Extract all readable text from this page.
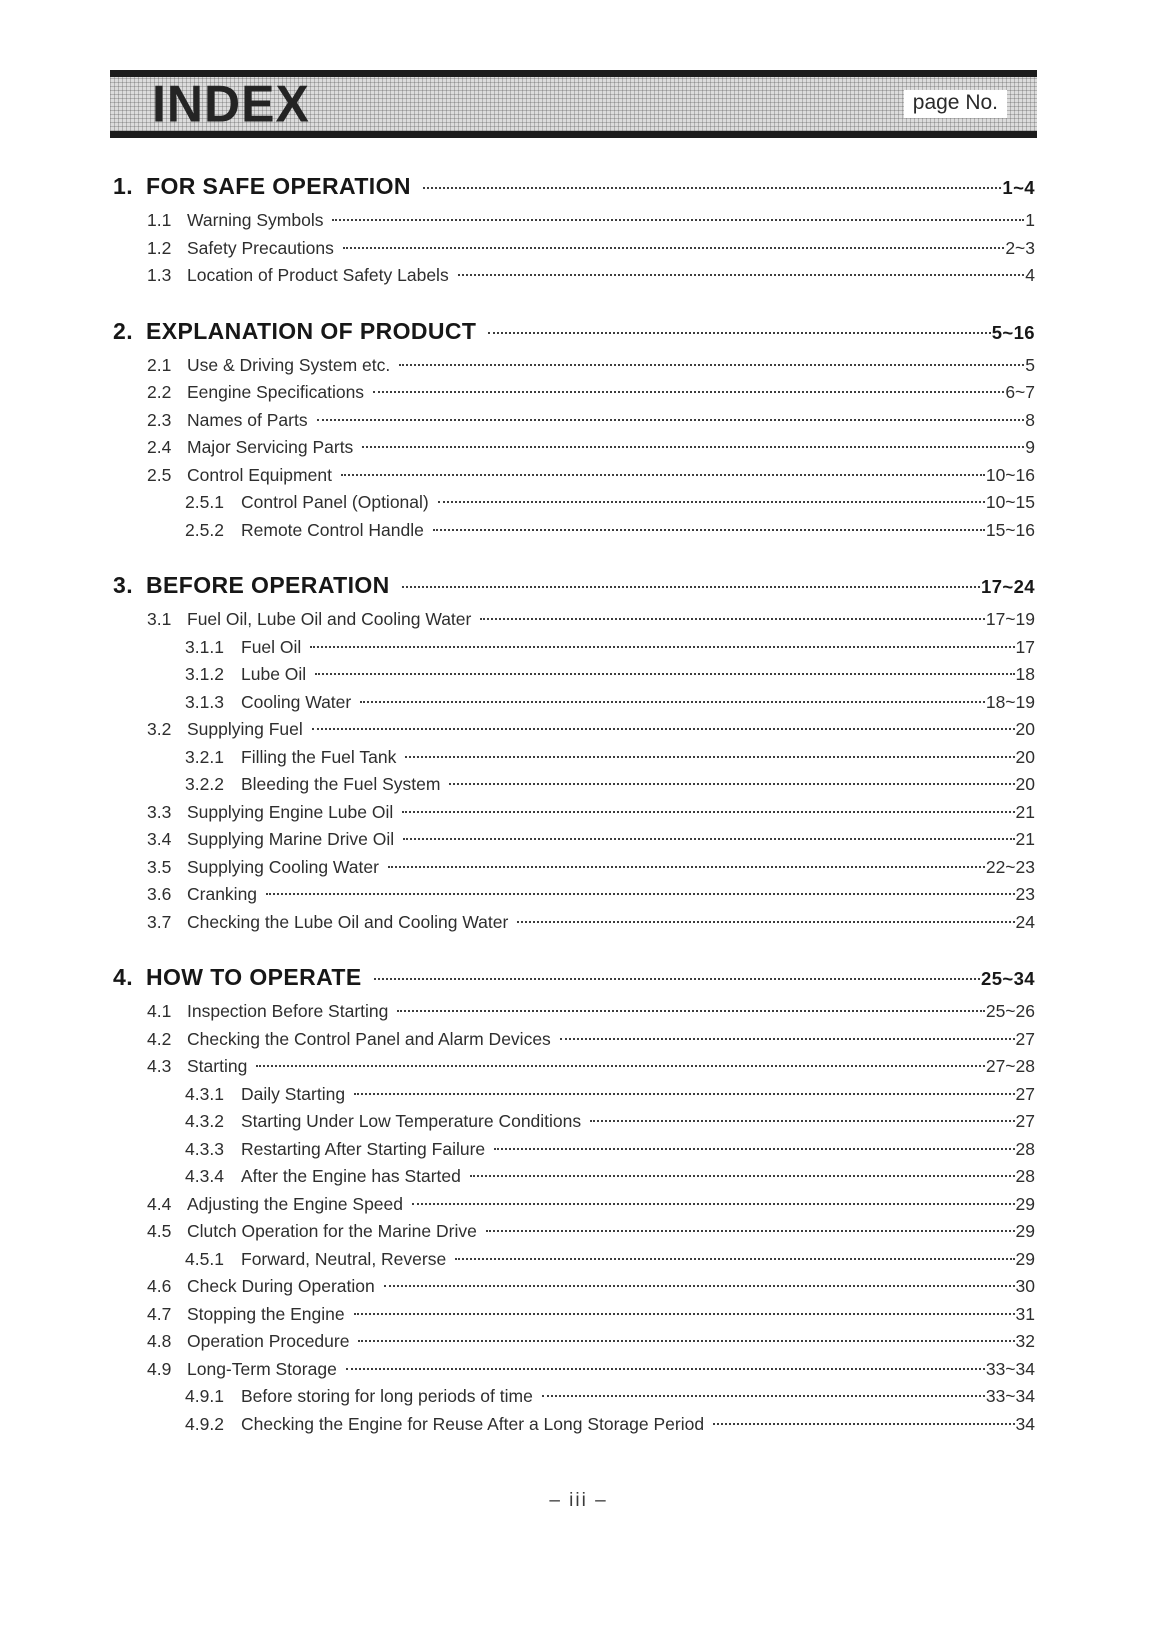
INDEX	page No.
1. FOR SAFE OPERATION	1~4
1.1 Warning Symbols	1
1.2 Safety Precautions	2~3
1.3 Location of Product Safety Labels	4
2. EXPLANATION OF PRODUCT	5~16
2.1 Use & Driving System etc.	5
2.2 Eengine Specifications	6~7
2.3 Names of Parts	8
2.4 Major Servicing Parts	9
2.5 Control Equipment	10~16
2.5.1 Control Panel (Optional)	10~15
2.5.2 Remote Control Handle	15~16
3. BEFORE OPERATION	17~24
3.1 Fuel Oil, Lube Oil and Cooling Water	17~19
3.1.1 Fuel Oil	17
3.1.2 Lube Oil	18
3.1.3 Cooling Water	18~19
3.2 Supplying Fuel	20
3.2.1 Filling the Fuel Tank	20
3.2.2 Bleeding the Fuel System	20
3.3 Supplying Engine Lube Oil	21
3.4 Supplying Marine Drive Oil	21
3.5 Supplying Cooling Water	22~23
3.6 Cranking	23
3.7 Checking the Lube Oil and Cooling Water	24
4. HOW TO OPERATE	25~34
4.1 Inspection Before Starting	25~26
4.2 Checking the Control Panel and Alarm Devices	27
4.3 Starting	27~28
4.3.1 Daily Starting	27
4.3.2 Starting Under Low Temperature Conditions	27
4.3.3 Restarting After Starting Failure	28
4.3.4 After the Engine has Started	28
4.4 Adjusting the Engine Speed	29
4.5 Clutch Operation for the Marine Drive	29
4.5.1 Forward, Neutral, Reverse	29
4.6 Check During Operation	30
4.7 Stopping the Engine	31
4.8 Operation Procedure	32
4.9 Long-Term Storage	33~34
4.9.1 Before storing for long periods of time	33~34
4.9.2 Checking the Engine for Reuse After a Long Storage Period	34
– iii –
